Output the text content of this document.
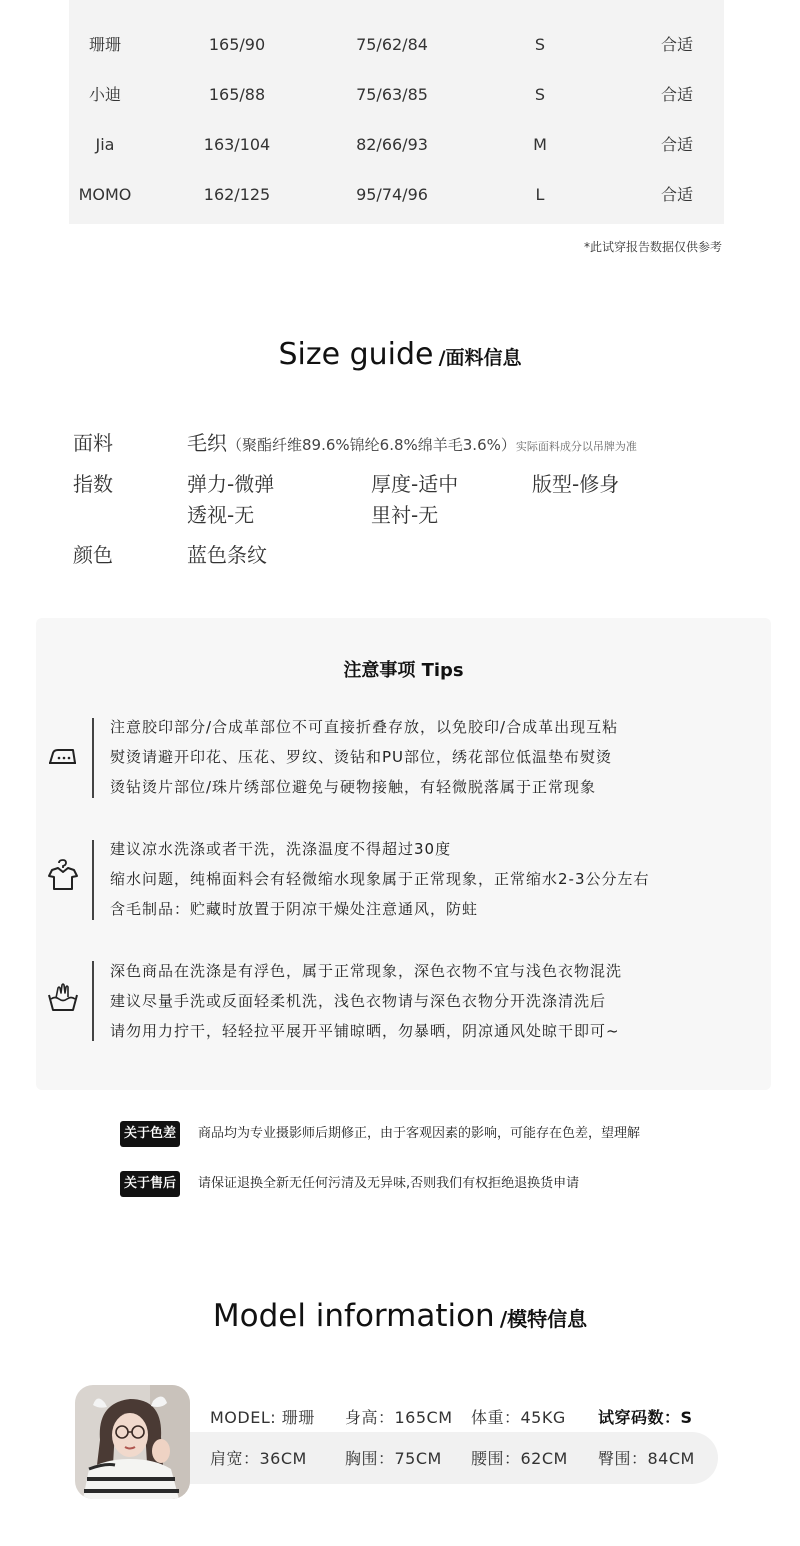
珊珊	165/90	75/62/84	S	合适
小迪	165/88	75/63/85	S	合适
Jia	163/104	82/66/93	M	合适
MOMO	162/125	95/74/96	L	合适
*此试穿报告数据仅供参考
Size guide /面料信息
面料	毛织（聚酯纤维89.6%锦纶6.8%绵羊毛3.6%）实际面料成分以吊牌为准
指数	弹力-微弹	厚度-适中	版型-修身
透视-无	里衬-无
颜色	蓝色条纹
注意事项 Tips
注意胶印部分/合成革部位不可直接折叠存放，以免胶印/合成革出现互粘
熨烫请避开印花、压花、罗纹、烫钻和PU部位，绣花部位低温垫布熨烫
烫钻烫片部位/珠片绣部位避免与硬物接触，有轻微脱落属于正常现象
建议凉水洗涤或者干洗，洗涤温度不得超过30度
缩水问题，纯棉面料会有轻微缩水现象属于正常现象，正常缩水2-3公分左右
含毛制品：贮藏时放置于阴凉干燥处注意通风，防蛀
深色商品在洗涤是有浮色，属于正常现象，深色衣物不宜与浅色衣物混洗
建议尽量手洗或反面轻柔机洗，浅色衣物请与深色衣物分开洗涤清洗后
请勿用力拧干，轻轻拉平展开平铺晾晒，勿暴晒，阴凉通风处晾干即可~
关于色差	商品均为专业摄影师后期修正，由于客观因素的影响，可能存在色差，望理解
关于售后	请保证退换全新无任何污清及无异味,否则我们有权拒绝退换货申请
Model information /模特信息
MODEL: 珊珊 身高：165CM 体重：45KG 试穿码数：S
肩宽：36CM 胸围：75CM 腰围：62CM 臀围：84CM
